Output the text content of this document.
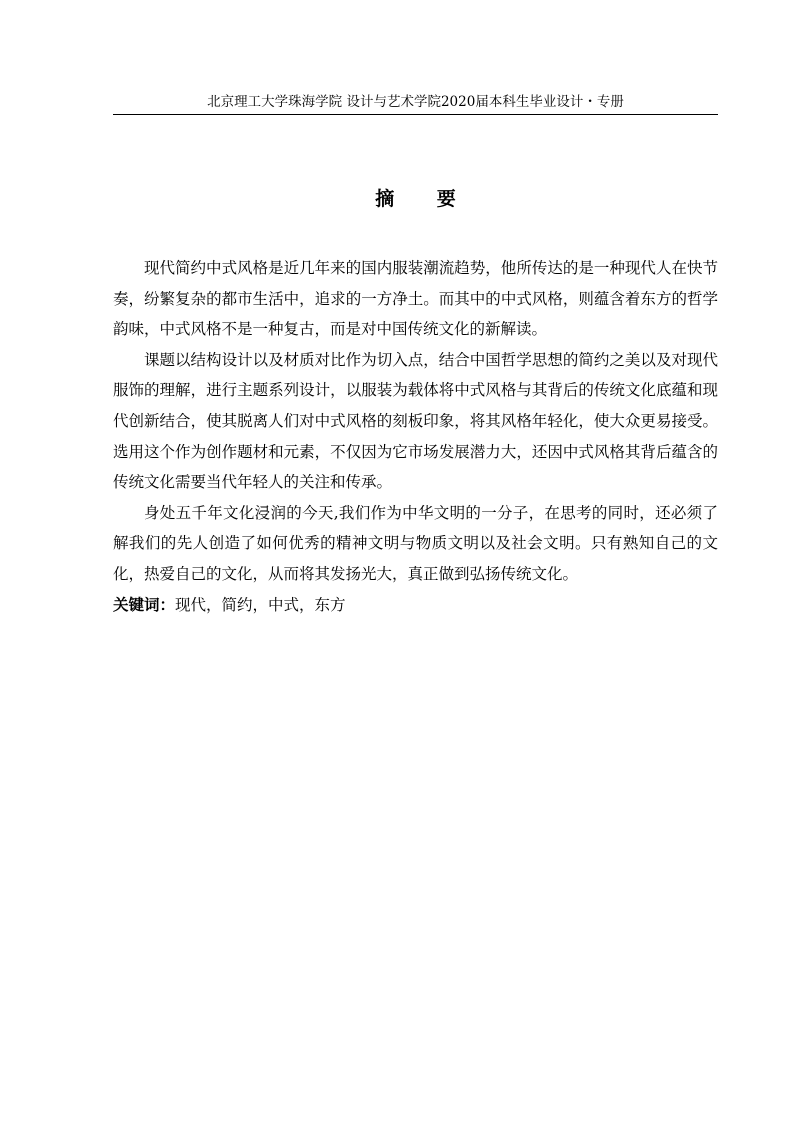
北京理工大学珠海学院 设计与艺术学院2020届本科生毕业设计・专册
摘 要

现代简约中式风格是近几年来的国内服装潮流趋势，他所传达的是一种现代人在快节奏，纷繁复杂的都市生活中，追求的一方净土。而其中的中式风格，则蕴含着东方的哲学韵味，中式风格不是一种复古，而是对中国传统文化的新解读。

课题以结构设计以及材质对比作为切入点，结合中国哲学思想的简约之美以及对现代服饰的理解，进行主题系列设计，以服装为载体将中式风格与其背后的传统文化底蕴和现代创新结合，使其脱离人们对中式风格的刻板印象，将其风格年轻化，使大众更易接受。选用这个作为创作题材和元素，不仅因为它市场发展潜力大，还因中式风格其背后蕴含的传统文化需要当代年轻人的关注和传承。

身处五千年文化浸润的今天,我们作为中华文明的一分子，在思考的同时，还必须了解我们的先人创造了如何优秀的精神文明与物质文明以及社会文明。只有熟知自己的文化，热爱自己的文化，从而将其发扬光大，真正做到弘扬传统文化。

关键词：现代，简约，中式，东方
